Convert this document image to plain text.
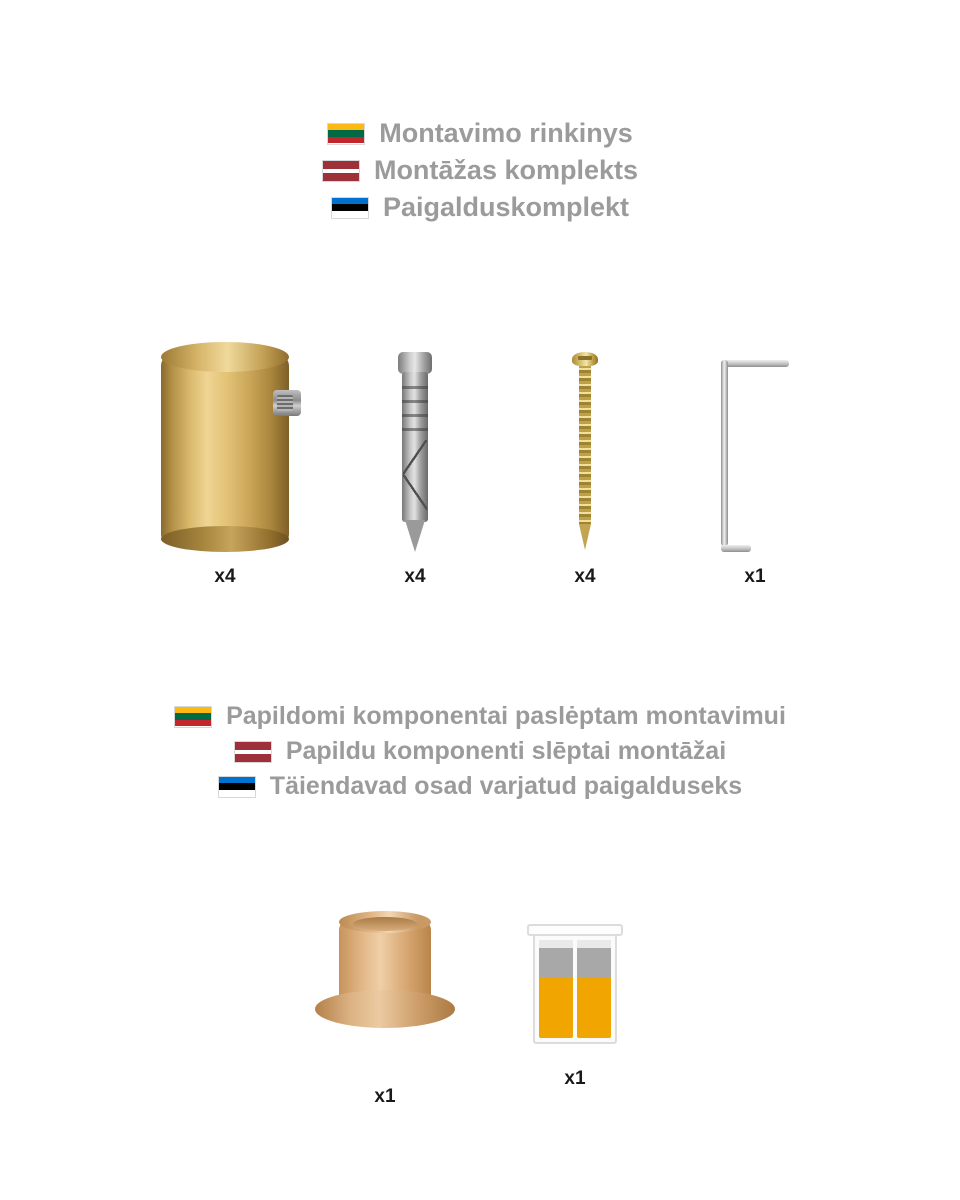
Montavimo rinkinys
Montāžas komplekts
Paigalduskomplekt
x4	x4	x4	x1
Papildomi komponentai paslėptam montavimui
Papildu komponenti slēptai montāžai
Täiendavad osad varjatud paigalduseks
x1
x1
